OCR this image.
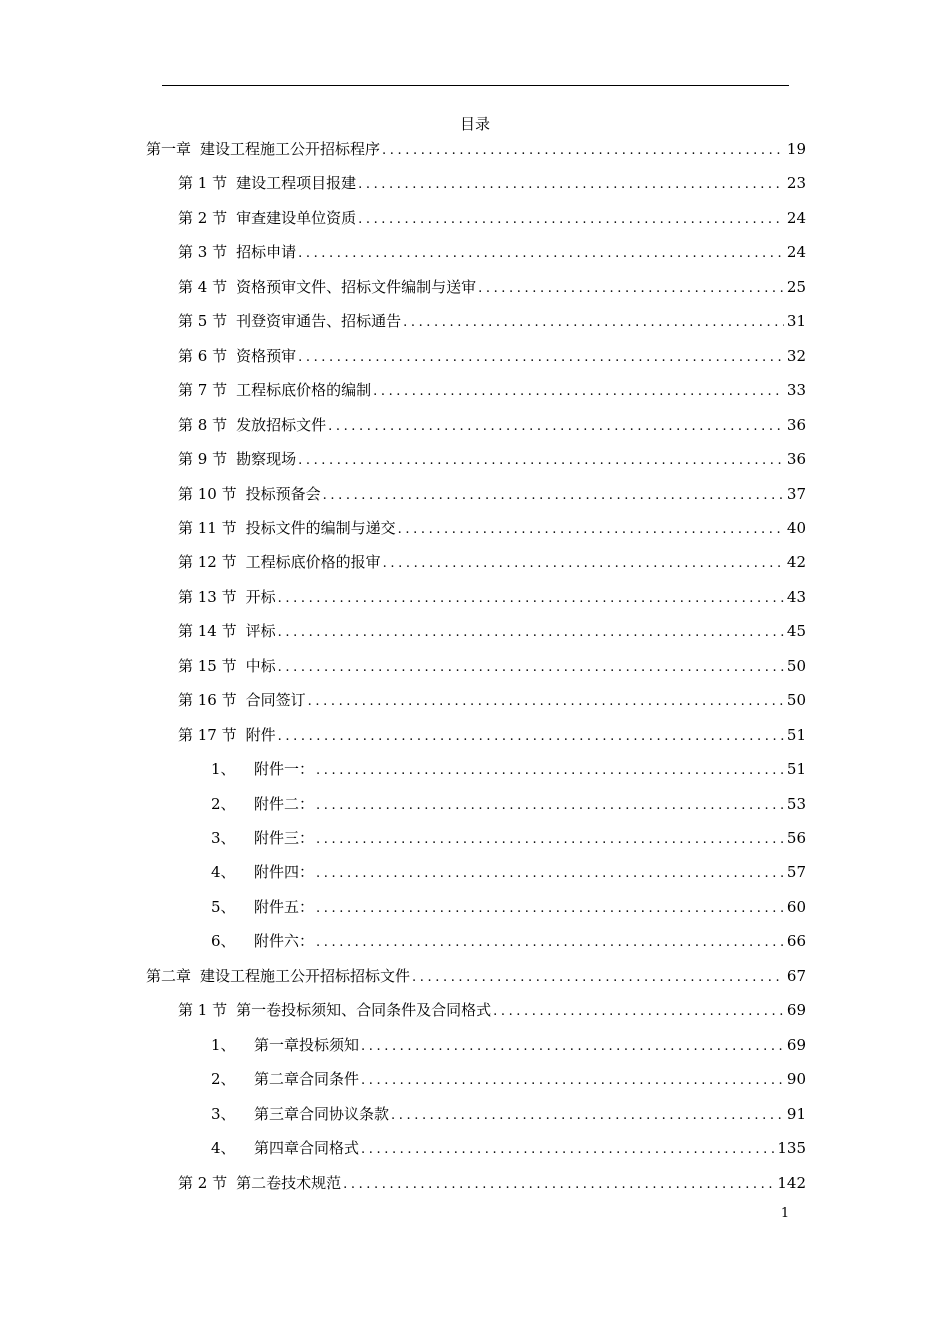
目录
第一章 建设工程施工公开招标程序 .....	19
第 1 节 建设工程项目报建 .....	23
第 2 节 审查建设单位资质 .....	24
第 3 节 招标申请 .....	24
第 4 节 资格预审文件、招标文件编制与送审 .....	25
第 5 节 刊登资审通告、招标通告 .....	31
第 6 节 资格预审 .....	32
第 7 节 工程标底价格的编制 .....	33
第 8 节 发放招标文件 .....	36
第 9 节 勘察现场 .....	36
第 10 节 投标预备会 .....	37
第 11 节 投标文件的编制与递交 .....	40
第 12 节 工程标底价格的报审 .....	42
第 13 节 开标 .....	43
第 14 节 评标 .....	45
第 15 节 中标 .....	50
第 16 节 合同签订 .....	50
第 17 节 附件 .....	51
1、 附件一： .....	51
2、 附件二： .....	53
3、 附件三： .....	56
4、 附件四： .....	57
5、 附件五： .....	60
6、 附件六： .....	66
第二章 建设工程施工公开招标招标文件 .....	67
第 1 节 第一卷投标须知、合同条件及合同格式 .....	69
1、 第一章投标须知 .....	69
2、 第二章合同条件 .....	90
3、 第三章合同协议条款 .....	91
4、 第四章合同格式 .....	135
第 2 节 第二卷技术规范 .....	142
1
